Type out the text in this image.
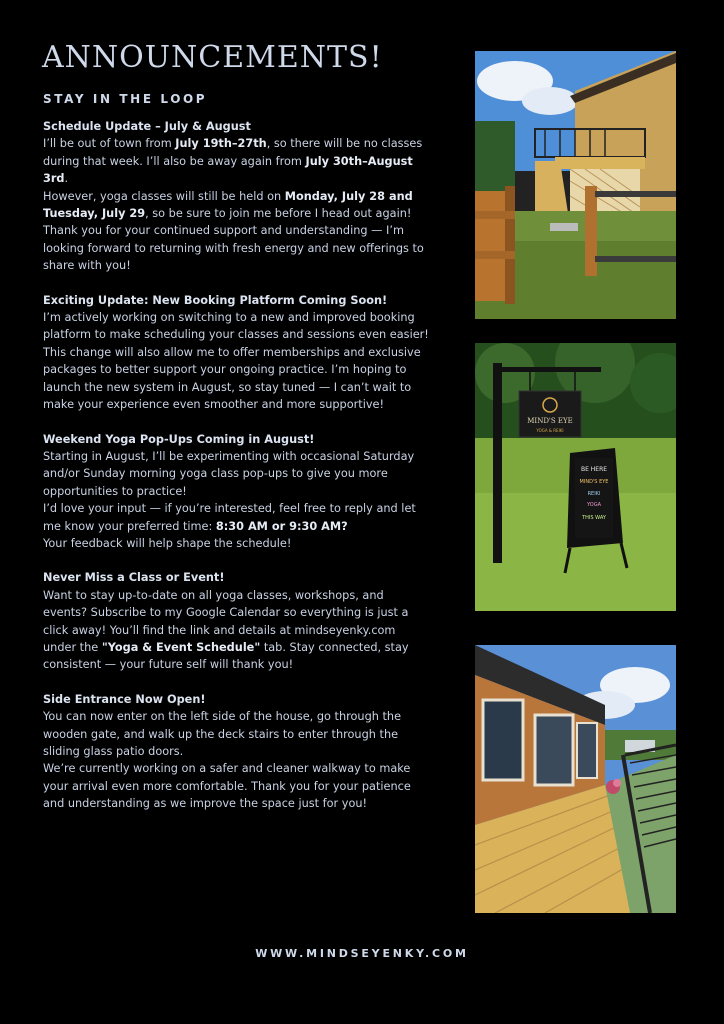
ANNOUNCEMENTS!
STAY IN THE LOOP
Schedule Update – July & August

I’ll be out of town from July 19th–27th, so there will be no classes during that week. I’ll also be away again from July 30th–August 3rd.

However, yoga classes will still be held on Monday, July 28 and Tuesday, July 29, so be sure to join me before I head out again!

Thank you for your continued support and understanding — I’m looking forward to returning with fresh energy and new offerings to share with you!

Exciting Update: New Booking Platform Coming Soon!

I’m actively working on switching to a new and improved booking platform to make scheduling your classes and sessions even easier! This change will also allow me to offer memberships and exclusive packages to better support your ongoing practice. I’m hoping to launch the new system in August, so stay tuned — I can’t wait to make your experience even smoother and more supportive!

Weekend Yoga Pop-Ups Coming in August!

Starting in August, I’ll be experimenting with occasional Saturday and/or Sunday morning yoga class pop-ups to give you more opportunities to practice!

I’d love your input — if you’re interested, feel free to reply and let me know your preferred time: 8:30 AM or 9:30 AM?

Your feedback will help shape the schedule!

Never Miss a Class or Event!

Want to stay up-to-date on all yoga classes, workshops, and events? Subscribe to my Google Calendar so everything is just a click away! You’ll find the link and details at mindseyenky.com under the "Yoga & Event Schedule" tab. Stay connected, stay consistent — your future self will thank you!

Side Entrance Now Open!

You can now enter on the left side of the house, go through the wooden gate, and walk up the deck stairs to enter through the sliding glass patio doors.

We’re currently working on a safer and cleaner walkway to make your arrival even more comfortable. Thank you for your patience and understanding as we improve the space just for you!

MIND'S EYE
YOGA & REIKI
BE HERE
MIND'S EYE
REIKI
YOGA
THIS WAY
WWW.MINDSEYENKY.COM
